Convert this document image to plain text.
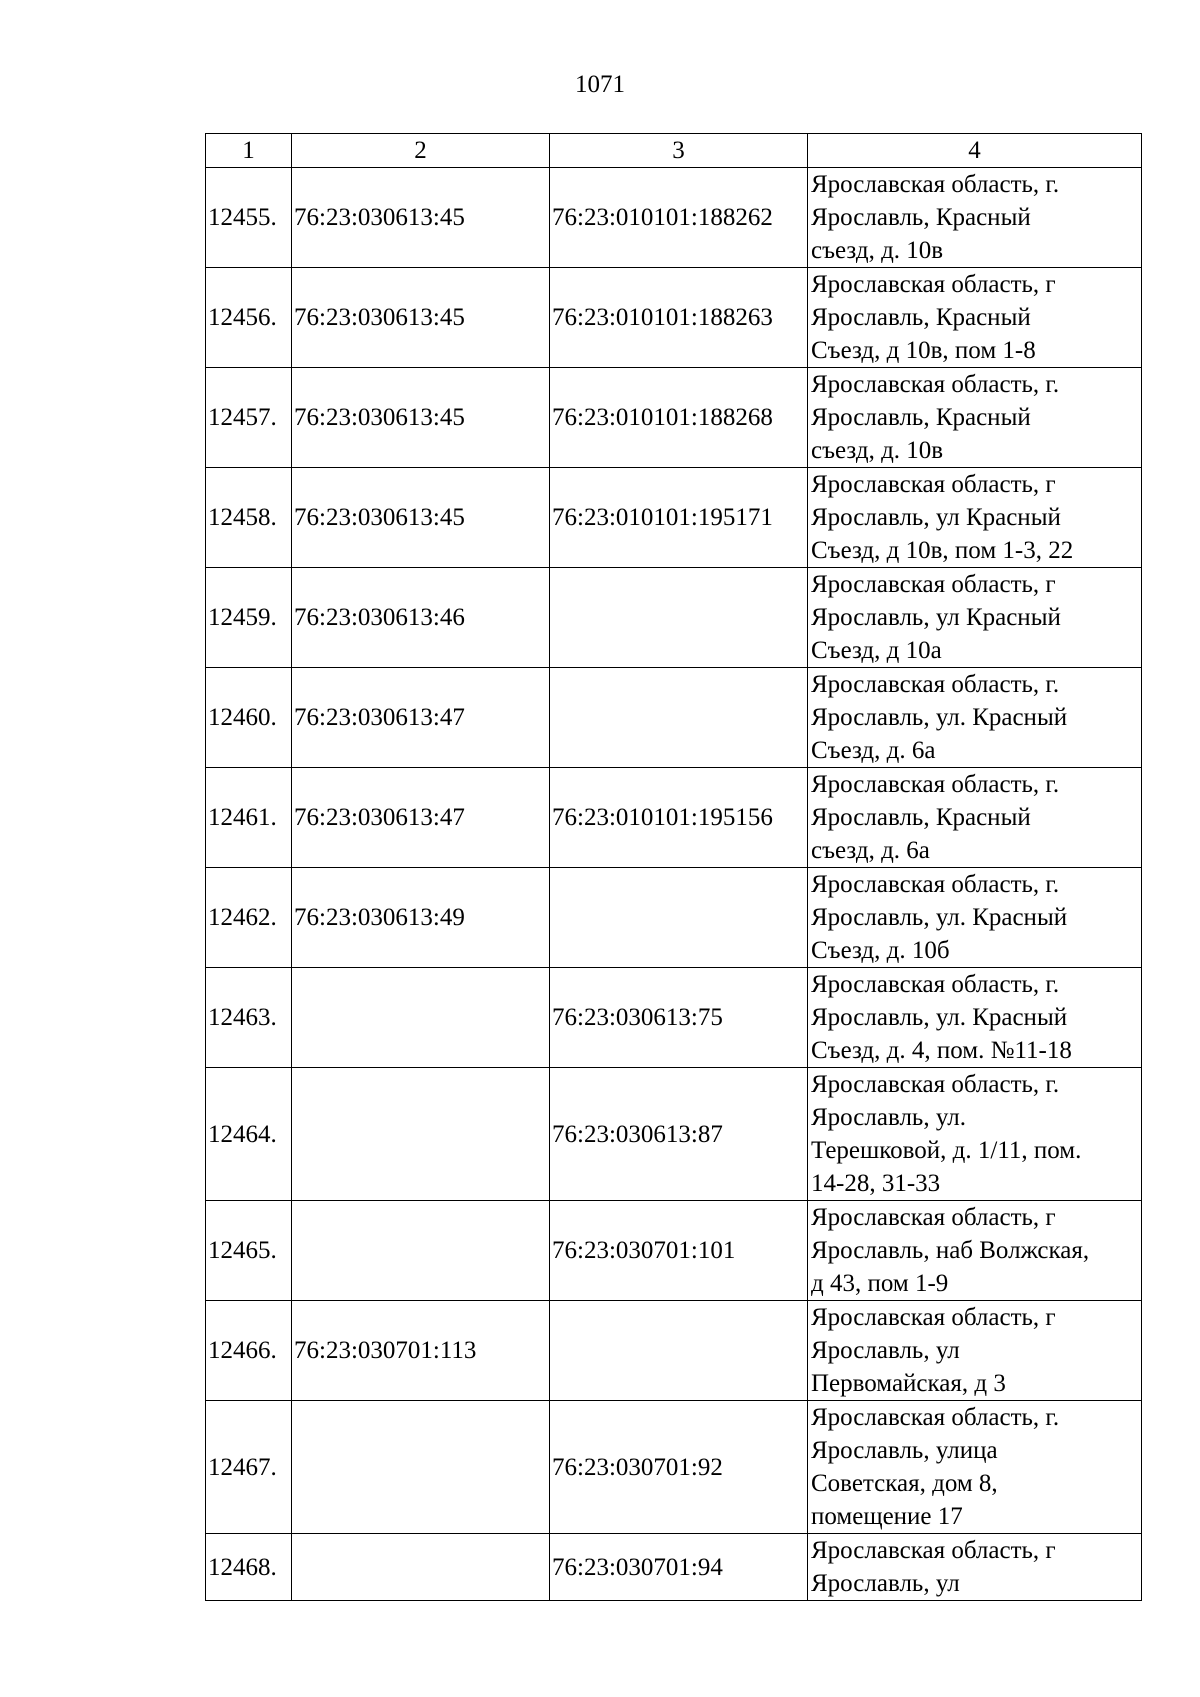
1071
1	2	3	4
12455.	76:23:030613:45	76:23:010101:188262	Ярославская область, г.
Ярославль, Красный
съезд, д. 10в

12456.	76:23:030613:45	76:23:010101:188263	Ярославская область, г
Ярославль, Красный
Съезд, д 10в, пом 1-8

12457.	76:23:030613:45	76:23:010101:188268	Ярославская область, г.
Ярославль, Красный
съезд, д. 10в

12458.	76:23:030613:45	76:23:010101:195171	Ярославская область, г
Ярославль, ул Красный
Съезд, д 10в, пом 1-3, 22

12459.	76:23:030613:46		Ярославская область, г
Ярославль, ул Красный
Съезд, д 10а

12460.	76:23:030613:47		Ярославская область, г.
Ярославль, ул. Красный
Съезд, д. 6а

12461.	76:23:030613:47	76:23:010101:195156	Ярославская область, г.
Ярославль, Красный
съезд, д. 6а

12462.	76:23:030613:49		Ярославская область, г.
Ярославль, ул. Красный
Съезд, д. 10б

12463.		76:23:030613:75	Ярославская область, г.
Ярославль, ул. Красный
Съезд, д. 4, пом. №11-18

12464.		76:23:030613:87	Ярославская область, г.
Ярославль, ул.
Терешковой, д. 1/11, пом.
14-28, 31-33

12465.		76:23:030701:101	Ярославская область, г
Ярославль, наб Волжская,
д 43, пом 1-9

12466.	76:23:030701:113		Ярославская область, г
Ярославль, ул
Первомайская, д 3

12467.		76:23:030701:92	Ярославская область, г.
Ярославль, улица
Советская, дом 8,
помещение 17

12468.		76:23:030701:94	Ярославская область, г
Ярославль, ул
